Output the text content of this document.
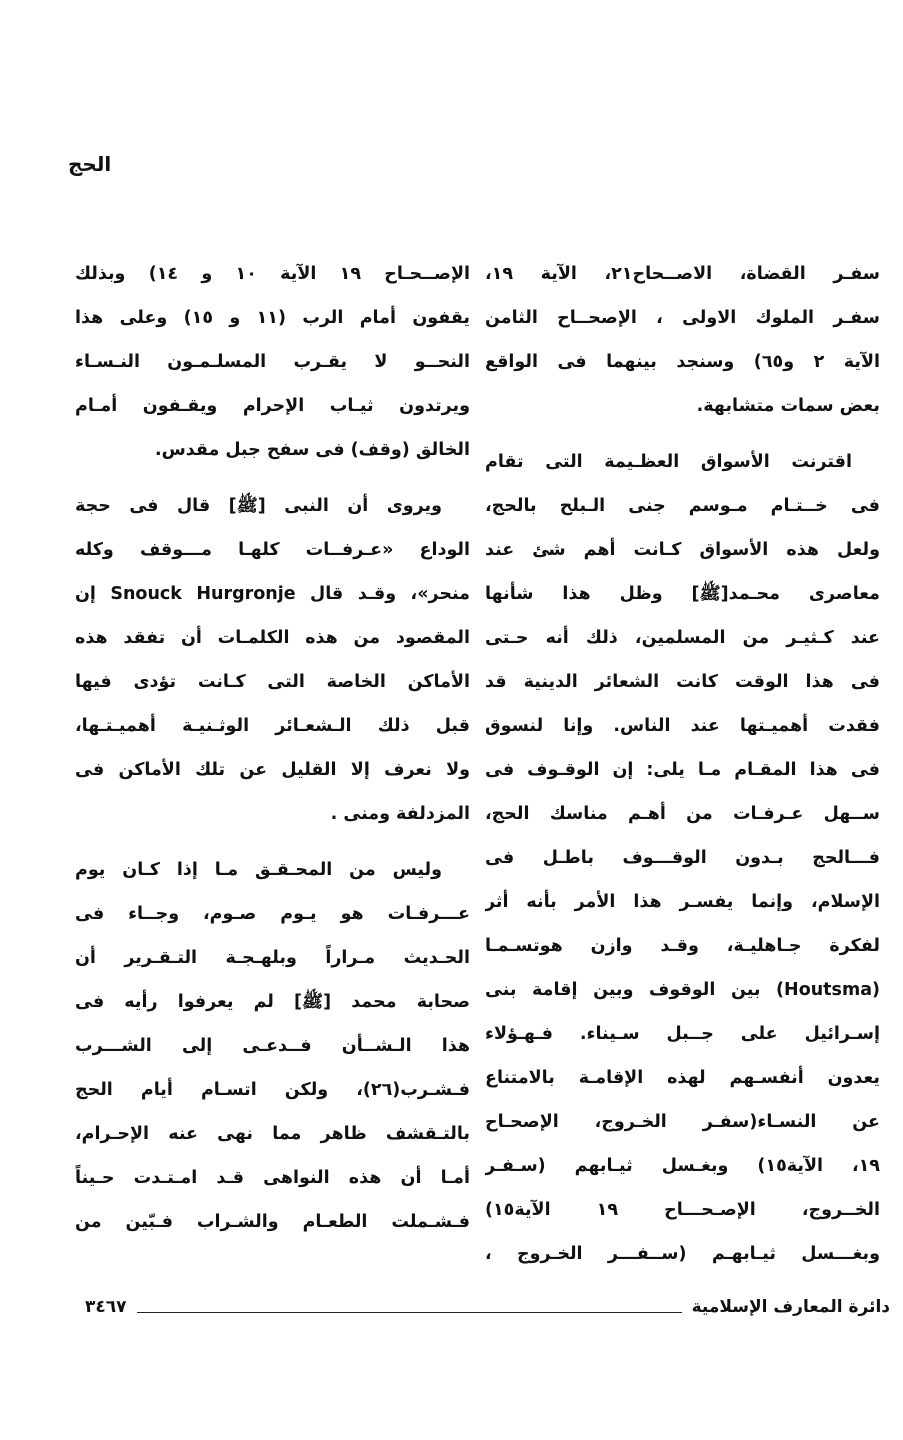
الحج
سفـر القضاة، الاصــحاح٢١، الآية ١٩،
سفـر الملوك الاولى ، الإصحــاح الثامن
الآية ٢ و٦٥) وسنجد بينهما فى الواقع
بعض سمات متشابهة.
اقترنت الأسواق العظـيمة التى تقام
فى خــتـام مـوسم جنى الـبلح بالحج،
ولعل هذه الأسواق كـانت أهم شئ عند
معاصرى محـمد[ﷺ] وظل هذا شأنها
عند كـثيـر من المسلمين، ذلك أنه حـتى
فى هذا الوقت كانت الشعائر الدينية قد
فقدت أهميـتها عند الناس. وإنا لنسوق
فى هذا المقـام مـا يلى: إن الوقـوف فى
ســهل عـرفـات من أهـم مناسك الحج،
فـــالحج بـدون الوقـــوف باطـل فى
الإسلام، وإنما يفسـر هذا الأمر بأنه أثر
لفكرة جـاهليـة، وقـد وازن هوتسـمـا
(Houtsma) بين الوقوف وبين إقامة بنى
إسـرائيل على جــبل سـيناء. فـهـؤلاء
يعدون أنفسـهم لهذه الإقامـة بالامتناع
عن النسـاء(سفـر الخـروج، الإصحـاح
١٩، الآية١٥) وبغـسل ثيـابهم (سـفـر
الخــروج، الإصـحـــاح ١٩ الآية١٥)
وبغـــسل ثيـابهـم (ســفـــر الخـروج ،
الإصــحـاح ١٩ الآية ١٠ و ١٤) وبذلك
يقفون أمام الرب (١١ و ١٥) وعلى هذا
النحــو لا يقـرب المسلـمـون النـسـاء
ويرتدون ثيـاب الإحرام ويقـفون أمـام
الخالق (وقف) فى سفح جبل مقدس.
ويروى أن النبى [ﷺ] قال فى حجة
الوداع «عـرفــات كلهـا مـــوقف وكله
منحر»، وقـد قال Snouck Hurgronje إن
المقصود من هذه الكلمـات أن تفقد هذه
الأماكن الخاصة التى كـانت تؤدى فيها
قبل ذلك الـشعـائر الوثـنيـة أهميـتـها،
ولا نعرف إلا القليل عن تلك الأماكن فى
المزدلفة ومنى .
وليس من المحـقـق مـا إذا كـان يوم
عـــرفـات هو يـوم صـوم، وجــاء فى
الحـديث مـراراً وبلهـجـة التـقـرير أن
صحابة محمد [ﷺ] لم يعرفوا رأيه فى
هذا الـشــأن فــدعـى إلى الشـــرب
فـشـرب(٢٦)، ولكن اتسـام أيام الحج
بالتـقشف ظاهر مما نهى عنه الإحـرام،
أمـا أن هذه النواهى قـد امـتـدت حـيناً
فـشـملت الطعـام والشـراب فـبّين من
دائرة المعارف الإسلامية
٣٤٦٧
